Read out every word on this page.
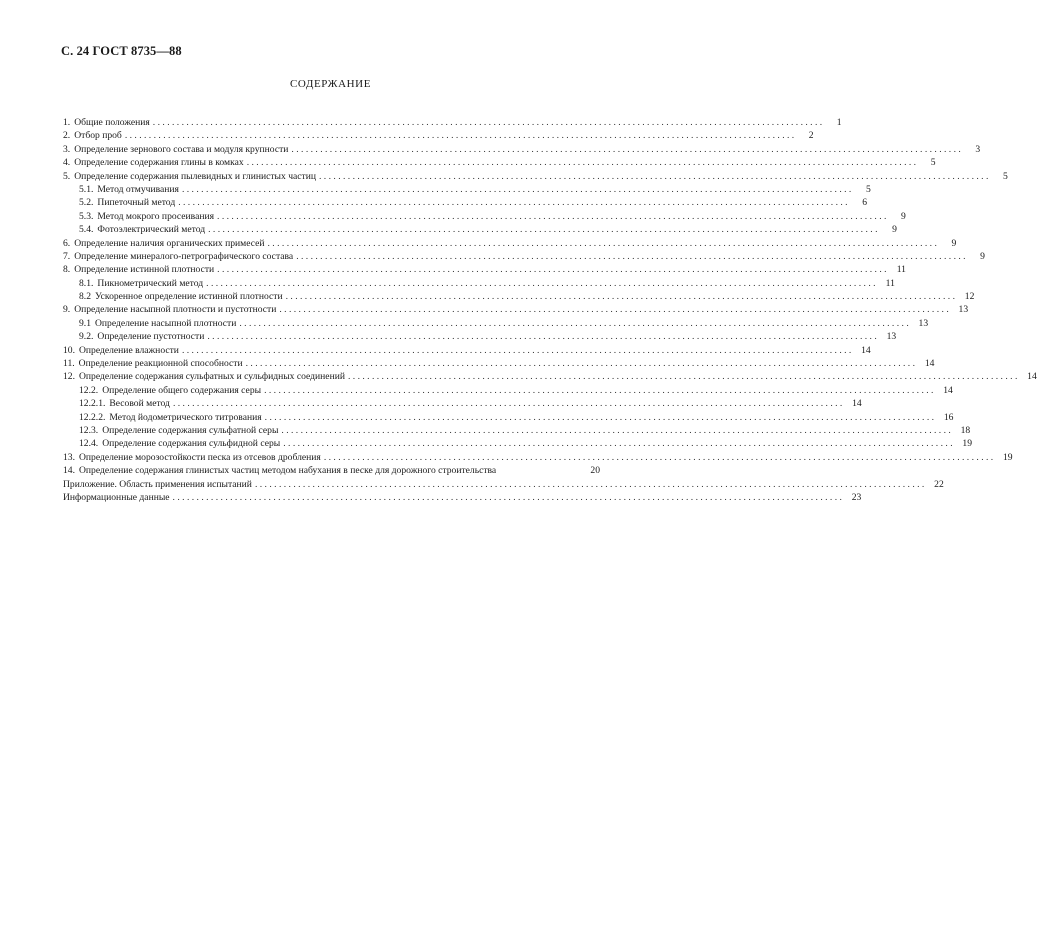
С. 24 ГОСТ 8735—88
СОДЕРЖАНИЕ
1. Общие положения ............................................................................................................................................	1
2. Отбор проб ............................................................................................................................................	2
3. Определение зернового состава и модуля крупности ............................................................................................................................................	3
4. Определение содержания глины в комках ............................................................................................................................................	5
5. Определение содержания пылевидных и глинистых частиц ............................................................................................................................................	5
5.1. Метод отмучивания ............................................................................................................................................	5
5.2. Пипеточный метод ............................................................................................................................................	6
5.3. Метод мокрого просеивания ............................................................................................................................................	9
5.4. Фотоэлектрический метод ............................................................................................................................................	9
6. Определение наличия органических примесей ............................................................................................................................................	9
7. Определение минералого-петрографического состава ............................................................................................................................................	9
8. Определение истинной плотности ............................................................................................................................................ 11
8.1. Пикнометрический метод ............................................................................................................................................ 11
8.2 Ускоренное определение истинной плотности ............................................................................................................................................ 12
9. Определение насыпной плотности и пустотности ............................................................................................................................................ 13
9.1 Определение насыпной плотности ............................................................................................................................................ 13
9.2. Определение пустотности ............................................................................................................................................ 13
10. Определение влажности ............................................................................................................................................ 14
11. Определение реакционной способности ............................................................................................................................................ 14
12. Определение содержания сульфатных и сульфидных соединений ............................................................................................................................................ 14
12.2. Определение общего содержания серы ............................................................................................................................................ 14
12.2.1. Весовой метод ............................................................................................................................................ 14
12.2.2. Метод йодометрического титрования ............................................................................................................................................ 16
12.3. Определение содержания сульфатной серы ............................................................................................................................................ 18
12.4. Определение содержания сульфидной серы ............................................................................................................................................ 19
13. Определение морозостойкости песка из отсевов дробления ............................................................................................................................................ 19
14. Определение содержания глинистых частиц методом набухания в песке для дорожного строительства	20
Приложение. Область применения испытаний ............................................................................................................................................ 22
Информационные данные ............................................................................................................................................ 23
